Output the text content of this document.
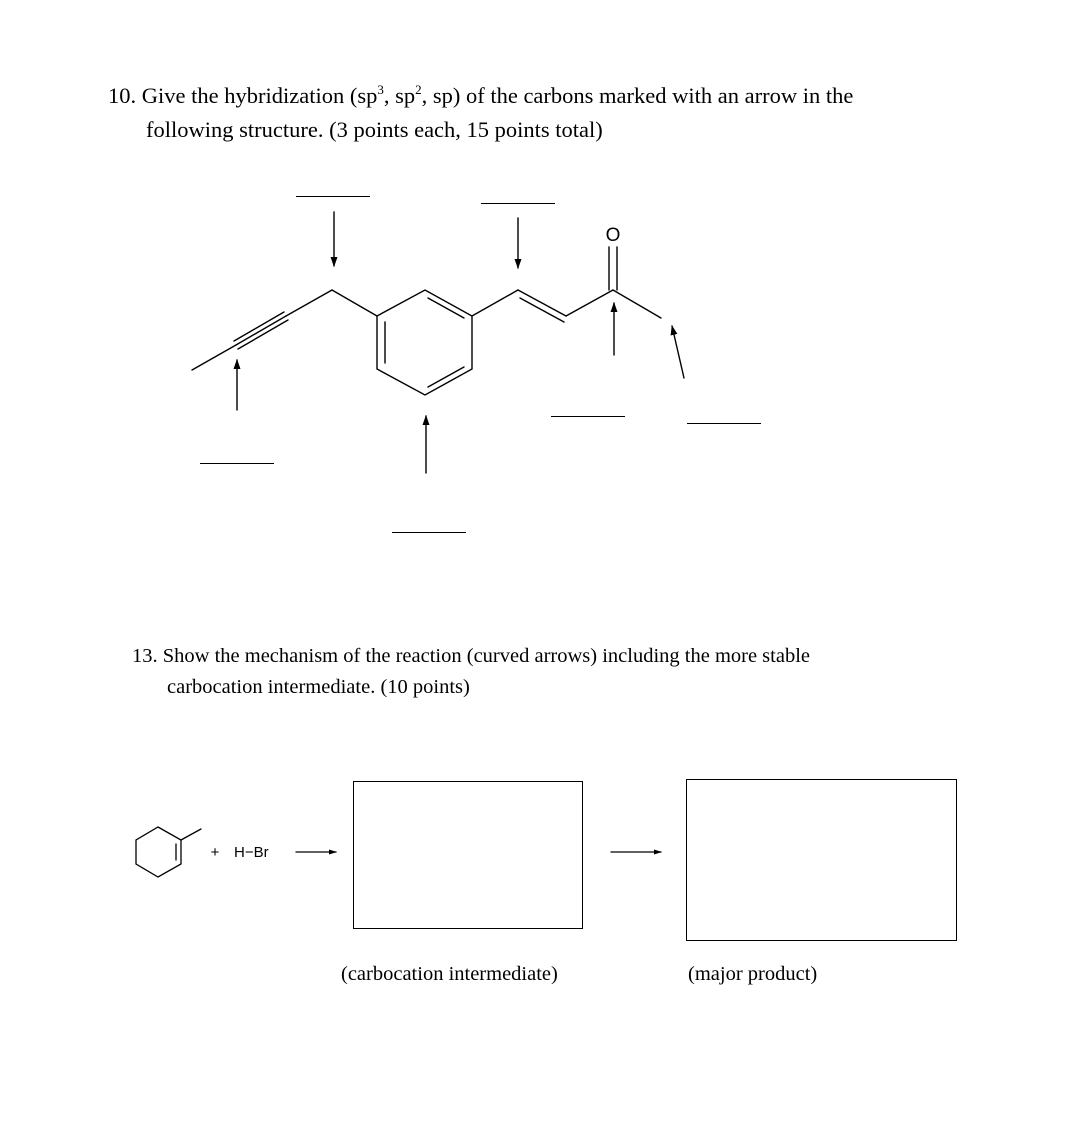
10. Give the hybridization ($sp^3$, $sp^2$, sp) of the carbons marked with an arrow in the
following structure. (3 points each, 15 points total)
O
13. Show the mechanism of the reaction (curved arrows) including the more stable
carbocation intermediate. (10 points)
+ H−Br
(carbocation intermediate)	(major product)
